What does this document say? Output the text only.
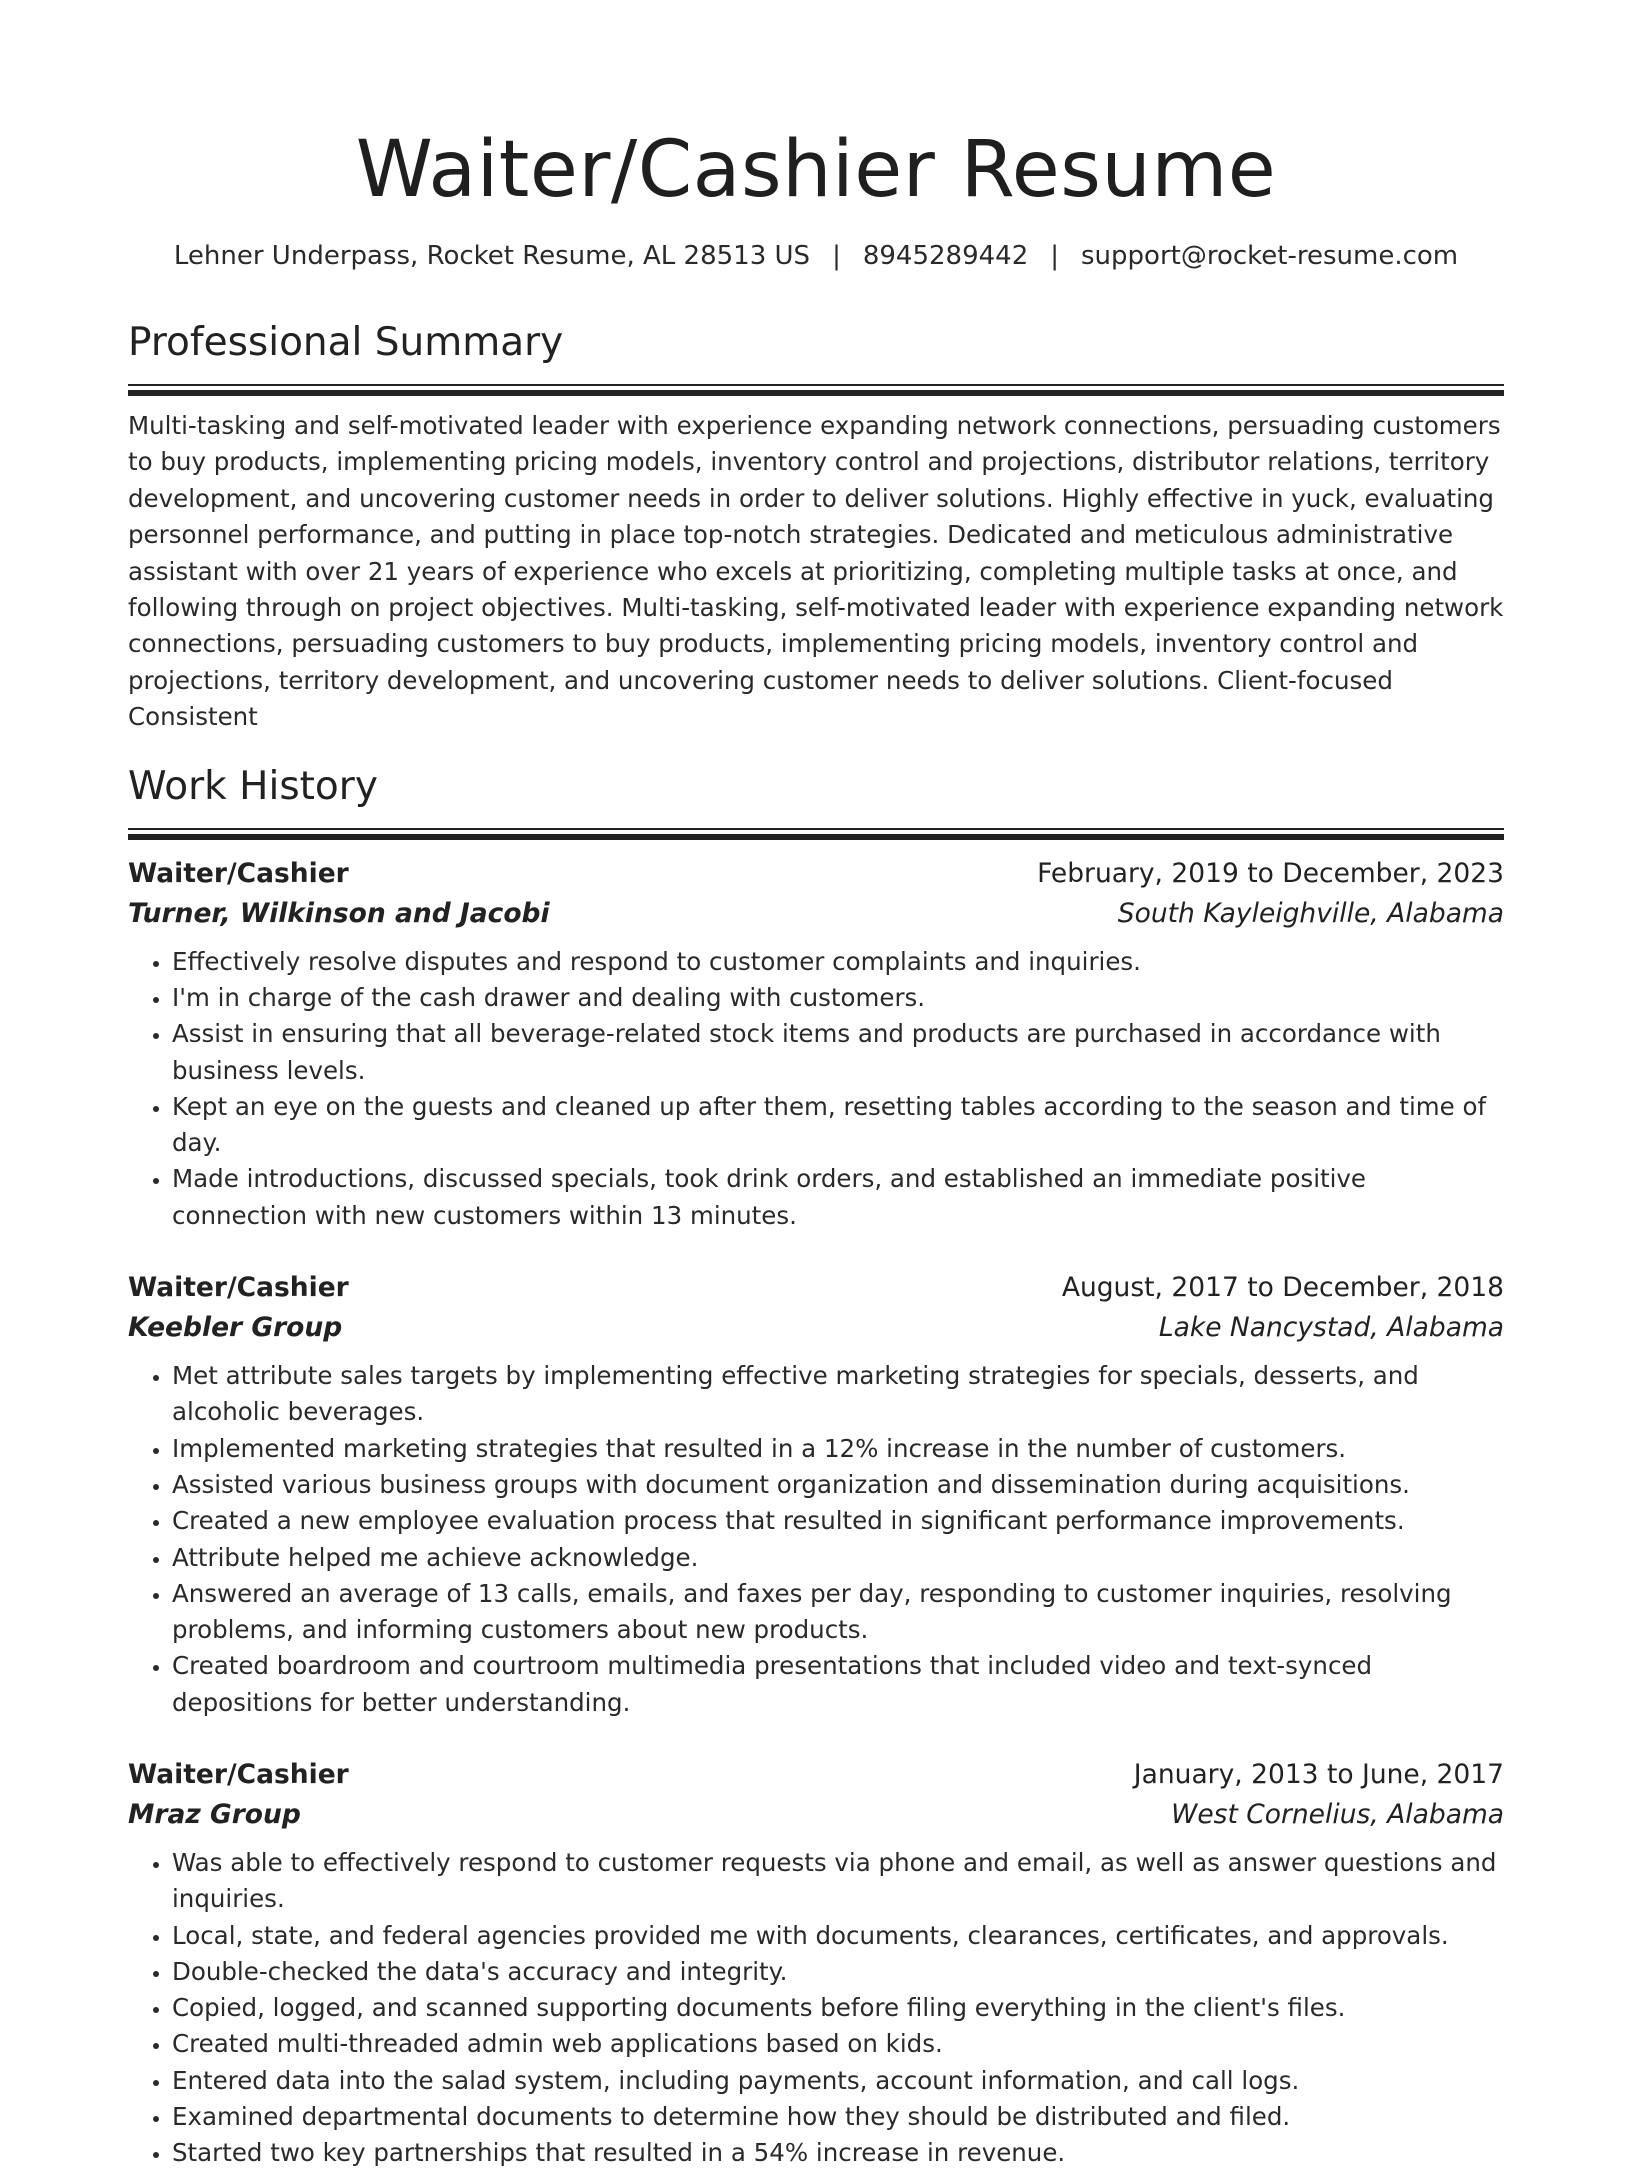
Waiter/Cashier Resume
Lehner Underpass, Rocket Resume, AL 28513 US | 8945289442 | support@rocket-resume.com
Professional Summary

Multi-tasking and self-motivated leader with experience expanding network connections, persuading customers to buy products, implementing pricing models, inventory control and projections, distributor relations, territory development, and uncovering customer needs in order to deliver solutions. Highly effective in yuck, evaluating personnel performance, and putting in place top-notch strategies. Dedicated and meticulous administrative assistant with over 21 years of experience who excels at prioritizing, completing multiple tasks at once, and following through on project objectives. Multi-tasking, self-motivated leader with experience expanding network connections, persuading customers to buy products, implementing pricing models, inventory control and projections, territory development, and uncovering customer needs to deliver solutions. Client-focused Consistent

Work History
Waiter/Cashier	February, 2019 to December, 2023
Turner, Wilkinson and Jacobi	South Kayleighville, Alabama
• Effectively resolve disputes and respond to customer complaints and inquiries.
• I'm in charge of the cash drawer and dealing with customers.
• Assist in ensuring that all beverage-related stock items and products are purchased in accordance with business levels.
• Kept an eye on the guests and cleaned up after them, resetting tables according to the season and time of day.
• Made introductions, discussed specials, took drink orders, and established an immediate positive connection with new customers within 13 minutes.
Waiter/Cashier	August, 2017 to December, 2018
Keebler Group	Lake Nancystad, Alabama
• Met attribute sales targets by implementing effective marketing strategies for specials, desserts, and alcoholic beverages.
• Implemented marketing strategies that resulted in a 12% increase in the number of customers.
• Assisted various business groups with document organization and dissemination during acquisitions.
• Created a new employee evaluation process that resulted in significant performance improvements.
• Attribute helped me achieve acknowledge.
• Answered an average of 13 calls, emails, and faxes per day, responding to customer inquiries, resolving problems, and informing customers about new products.
• Created boardroom and courtroom multimedia presentations that included video and text-synced depositions for better understanding.
Waiter/Cashier	January, 2013 to June, 2017
Mraz Group	West Cornelius, Alabama
• Was able to effectively respond to customer requests via phone and email, as well as answer questions and inquiries.
• Local, state, and federal agencies provided me with documents, clearances, certificates, and approvals.
• Double-checked the data's accuracy and integrity.
• Copied, logged, and scanned supporting documents before filing everything in the client's files.
• Created multi-threaded admin web applications based on kids.
• Entered data into the salad system, including payments, account information, and call logs.
• Examined departmental documents to determine how they should be distributed and filed.
• Started two key partnerships that resulted in a 54% increase in revenue.
